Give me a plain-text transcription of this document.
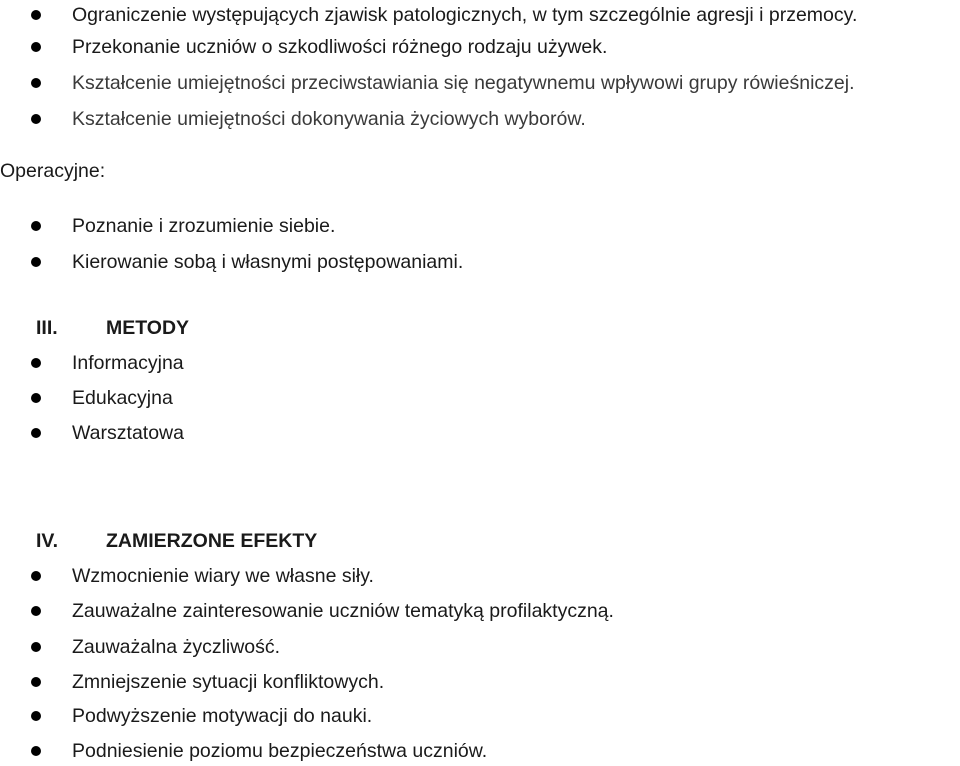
Ograniczenie występujących zjawisk patologicznych, w tym szczególnie agresji i przemocy.
Przekonanie uczniów o szkodliwości różnego rodzaju używek.
Kształcenie umiejętności przeciwstawiania się negatywnemu wpływowi grupy rówieśniczej.
Kształcenie umiejętności dokonywania życiowych wyborów.
Operacyjne:
Poznanie i zrozumienie siebie.
Kierowanie sobą i własnymi postępowaniami.
III. METODY
Informacyjna
Edukacyjna
Warsztatowa
IV. ZAMIERZONE EFEKTY
Wzmocnienie wiary we własne siły.
Zauważalne zainteresowanie uczniów tematyką profilaktyczną.
Zauważalna życzliwość.
Zmniejszenie sytuacji konfliktowych.
Podwyższenie motywacji do nauki.
Podniesienie poziomu bezpieczeństwa uczniów.
